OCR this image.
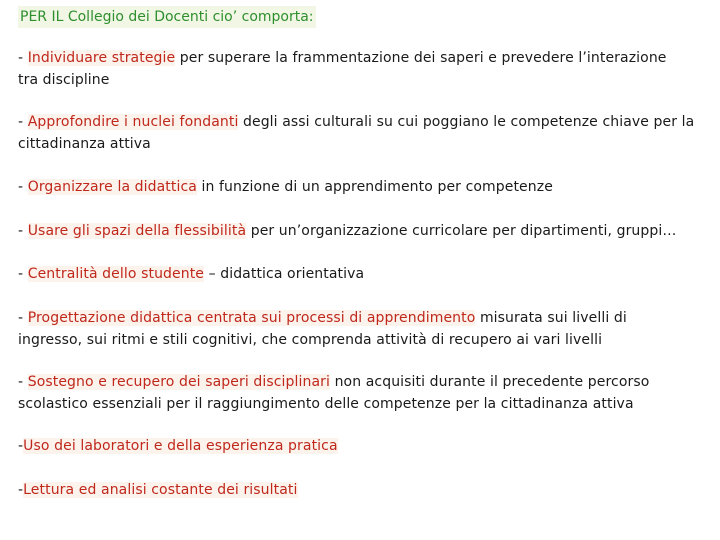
PER IL Collegio dei Docenti cio’ comporta:

- Individuare strategie per superare la frammentazione dei saperi e prevedere l’interazione
tra discipline

- Approfondire i nuclei fondanti degli assi culturali su cui poggiano le competenze chiave per la
cittadinanza attiva

- Organizzare la didattica in funzione di un apprendimento per competenze

- Usare gli spazi della flessibilità per un’organizzazione curricolare per dipartimenti, gruppi…

- Centralità dello studente – didattica orientativa

- Progettazione didattica centrata sui processi di apprendimento misurata sui livelli di
ingresso, sui ritmi e stili cognitivi, che comprenda attività di recupero ai vari livelli

- Sostegno e recupero dei saperi disciplinari non acquisiti durante il precedente percorso
scolastico essenziali per il raggiungimento delle competenze per la cittadinanza attiva

-Uso dei laboratori e della esperienza pratica

-Lettura ed analisi costante dei risultati
